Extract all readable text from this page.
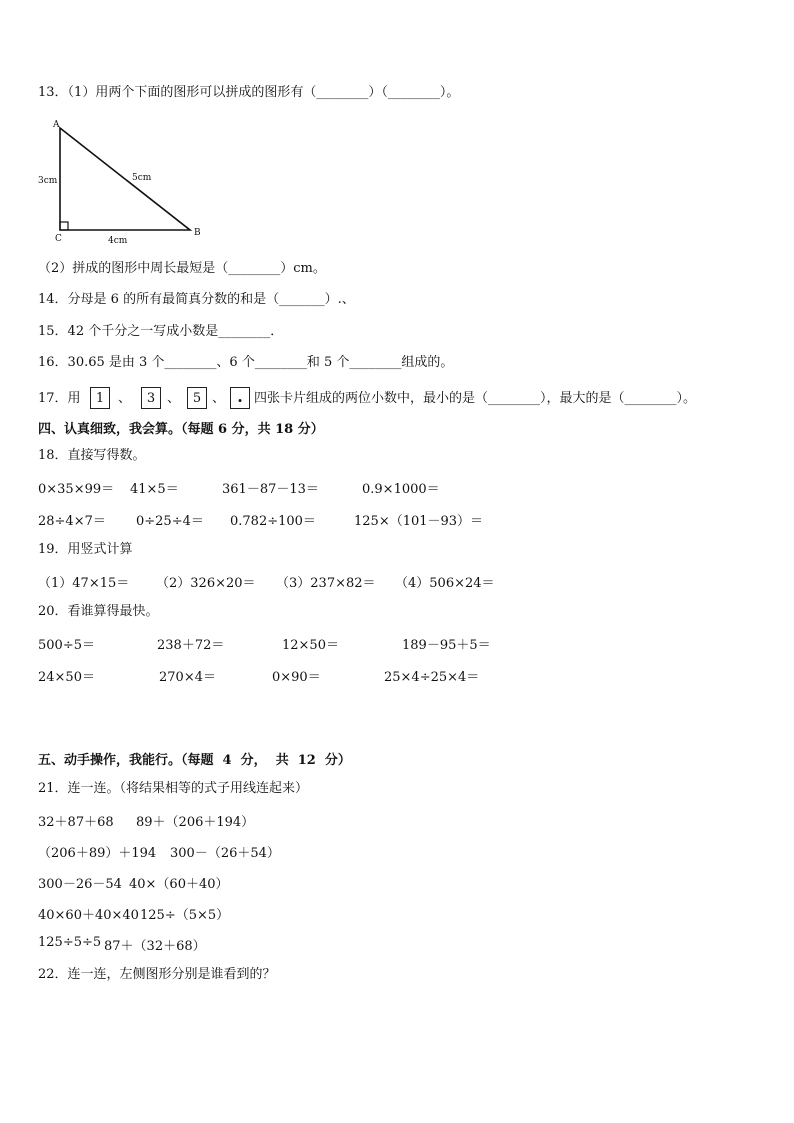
13．（1）用两个下面的图形可以拼成的图形有（________）（________）。
A
B
C
3cm	5cm
4cm
（2）拼成的图形中周长最短是（________）cm。
14．分母是 6 的所有最简真分数的和是（_______）.、
15．42 个千分之一写成小数是________．
16．30.65 是由 3 个________、6 个________和 5 个________组成的。
17．用	1	、	3 、 5 、 . 四张卡片组成的两位小数中，最小的是（________），最大的是（________）。
四、认真细致，我会算。（每题 6 分，共 18 分）
18．直接写得数。
0×35×99＝ 41×5＝	361－87－13＝	0.9×1000＝
28÷4×7＝ 0÷25÷4＝ 0.782÷100＝	125×（101－93）＝
19．用竖式计算
（1）47×15＝ （2）326×20＝ （3）237×82＝ （4）506×24＝
20．看谁算得最快。
500÷5＝	238＋72＝	12×50＝	189－95＋5＝
24×50＝	270×4＝	0×90＝	25×4÷25×4＝
五、动手操作，我能行。（每题  4  分，  共  12  分）
21．连一连。（将结果相等的式子用线连起来）
32＋87＋68 89＋（206＋194）
（206＋89）＋194 300－（26＋54）
300－26－54 40×（60＋40）
40×60＋40×40 125÷（5×5）
125÷5÷5 87＋（32＋68）
22．连一连，左侧图形分别是谁看到的？
